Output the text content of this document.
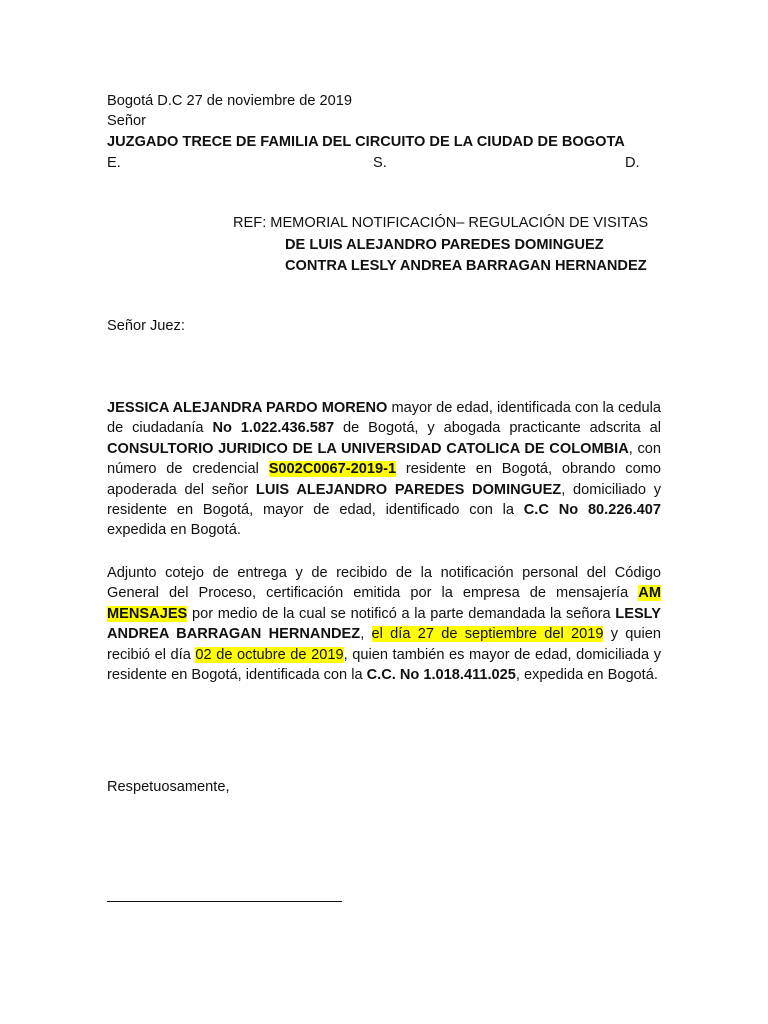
Bogotá D.C 27 de noviembre de 2019
Señor
JUZGADO TRECE DE FAMILIA DEL CIRCUITO DE LA CIUDAD DE BOGOTA
E.	S.	D.
REF: MEMORIAL NOTIFICACIÓN– REGULACIÓN DE VISITAS
DE LUIS ALEJANDRO PAREDES DOMINGUEZ
CONTRA LESLY ANDREA BARRAGAN HERNANDEZ
Señor Juez:
JESSICA ALEJANDRA PARDO MORENO mayor de edad, identificada con la cedula de ciudadanía No 1.022.436.587 de Bogotá, y abogada practicante adscrita al CONSULTORIO JURIDICO DE LA UNIVERSIDAD CATOLICA DE COLOMBIA, con número de credencial S002C0067-2019-1 residente en Bogotá, obrando como apoderada del señor LUIS ALEJANDRO PAREDES DOMINGUEZ, domiciliado y residente en Bogotá, mayor de edad, identificado con la C.C No 80.226.407 expedida en Bogotá.
Adjunto cotejo de entrega y de recibido de la notificación personal del Código General del Proceso, certificación emitida por la empresa de mensajería AM MENSAJES por medio de la cual se notificó a la parte demandada la señora LESLY ANDREA BARRAGAN HERNANDEZ, el día 27 de septiembre del 2019 y quien recibió el día 02 de octubre de 2019, quien también es mayor de edad, domiciliada y residente en Bogotá, identificada con la C.C. No 1.018.411.025, expedida en Bogotá.
Respetuosamente,
